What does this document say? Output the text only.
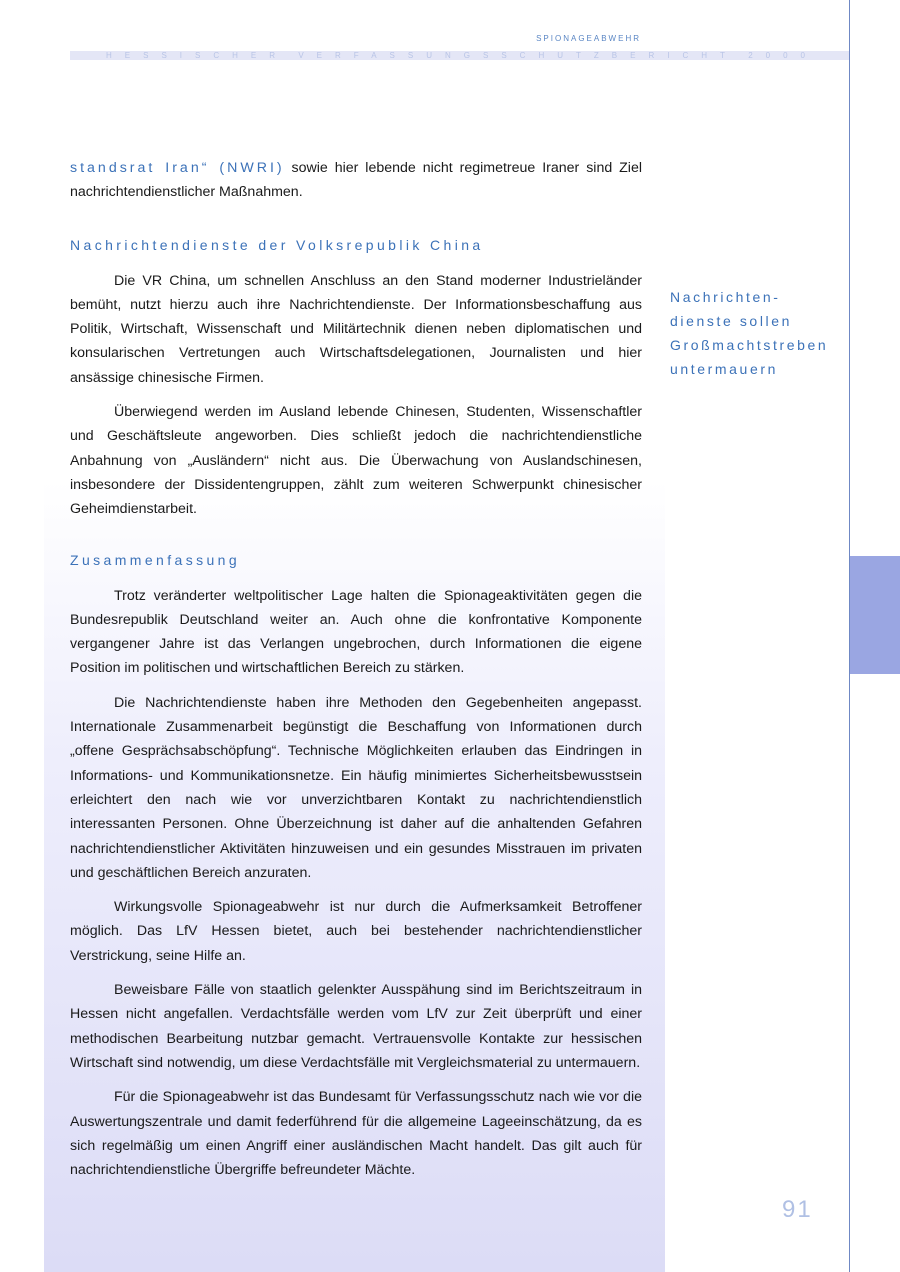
SPIONAGEABWEHR
HESSISCHER VERFASSUNGSSCHUTZBERICHT 2000

standsrat Iran“ (NWRI) sowie hier lebende nicht regimetreue Iraner sind Ziel nachrichtendienstlicher Maßnahmen.

Nachrichtendienste der Volksrepublik China

Die VR China, um schnellen Anschluss an den Stand moderner Industrieländer bemüht, nutzt hierzu auch ihre Nachrichtendienste. Der Informationsbeschaffung aus Politik, Wirtschaft, Wissenschaft und Militärtechnik dienen neben diplomatischen und konsularischen Vertretungen auch Wirtschaftsdelegationen, Journalisten und hier ansässige chinesische Firmen.

Überwiegend werden im Ausland lebende Chinesen, Studenten, Wissenschaftler und Geschäftsleute angeworben. Dies schließt jedoch die nachrichtendienstliche Anbahnung von „Ausländern“ nicht aus. Die Überwachung von Auslandschinesen, insbesondere der Dissidentengruppen, zählt zum weiteren Schwerpunkt chinesischer Geheimdienstarbeit.

Zusammenfassung

Trotz veränderter weltpolitischer Lage halten die Spionageaktivitäten gegen die Bundesrepublik Deutschland weiter an. Auch ohne die konfrontative Komponente vergangener Jahre ist das Verlangen ungebrochen, durch Informationen die eigene Position im politischen und wirtschaftlichen Bereich zu stärken.

Die Nachrichtendienste haben ihre Methoden den Gegebenheiten angepasst. Internationale Zusammenarbeit begünstigt die Beschaffung von Informationen durch „offene Gesprächsabschöpfung“. Technische Möglichkeiten erlauben das Eindringen in Informations- und Kommunikationsnetze. Ein häufig minimiertes Sicherheitsbewusstsein erleichtert den nach wie vor unverzichtbaren Kontakt zu nachrichtendienstlich interessanten Personen. Ohne Überzeichnung ist daher auf die anhaltenden Gefahren nachrichtendienstlicher Aktivitäten hinzuweisen und ein gesundes Misstrauen im privaten und geschäftlichen Bereich anzuraten.

Wirkungsvolle Spionageabwehr ist nur durch die Aufmerksamkeit Betroffener möglich. Das LfV Hessen bietet, auch bei bestehender nachrichtendienstlicher Verstrickung, seine Hilfe an.

Beweisbare Fälle von staatlich gelenkter Ausspähung sind im Berichtszeitraum in Hessen nicht angefallen. Verdachtsfälle werden vom LfV zur Zeit überprüft und einer methodischen Bearbeitung nutzbar gemacht. Vertrauensvolle Kontakte zur hessischen Wirtschaft sind notwendig, um diese Verdachtsfälle mit Vergleichsmaterial zu untermauern.

Für die Spionageabwehr ist das Bundesamt für Verfassungsschutz nach wie vor die Auswertungszentrale und damit federführend für die allgemeine Lageeinschätzung, da es sich regelmäßig um einen Angriff einer ausländischen Macht handelt. Das gilt auch für nachrichtendienstliche Übergriffe befreundeter Mächte.

Nachrichten-
dienste sollen
Großmachtstreben
untermauern
91
